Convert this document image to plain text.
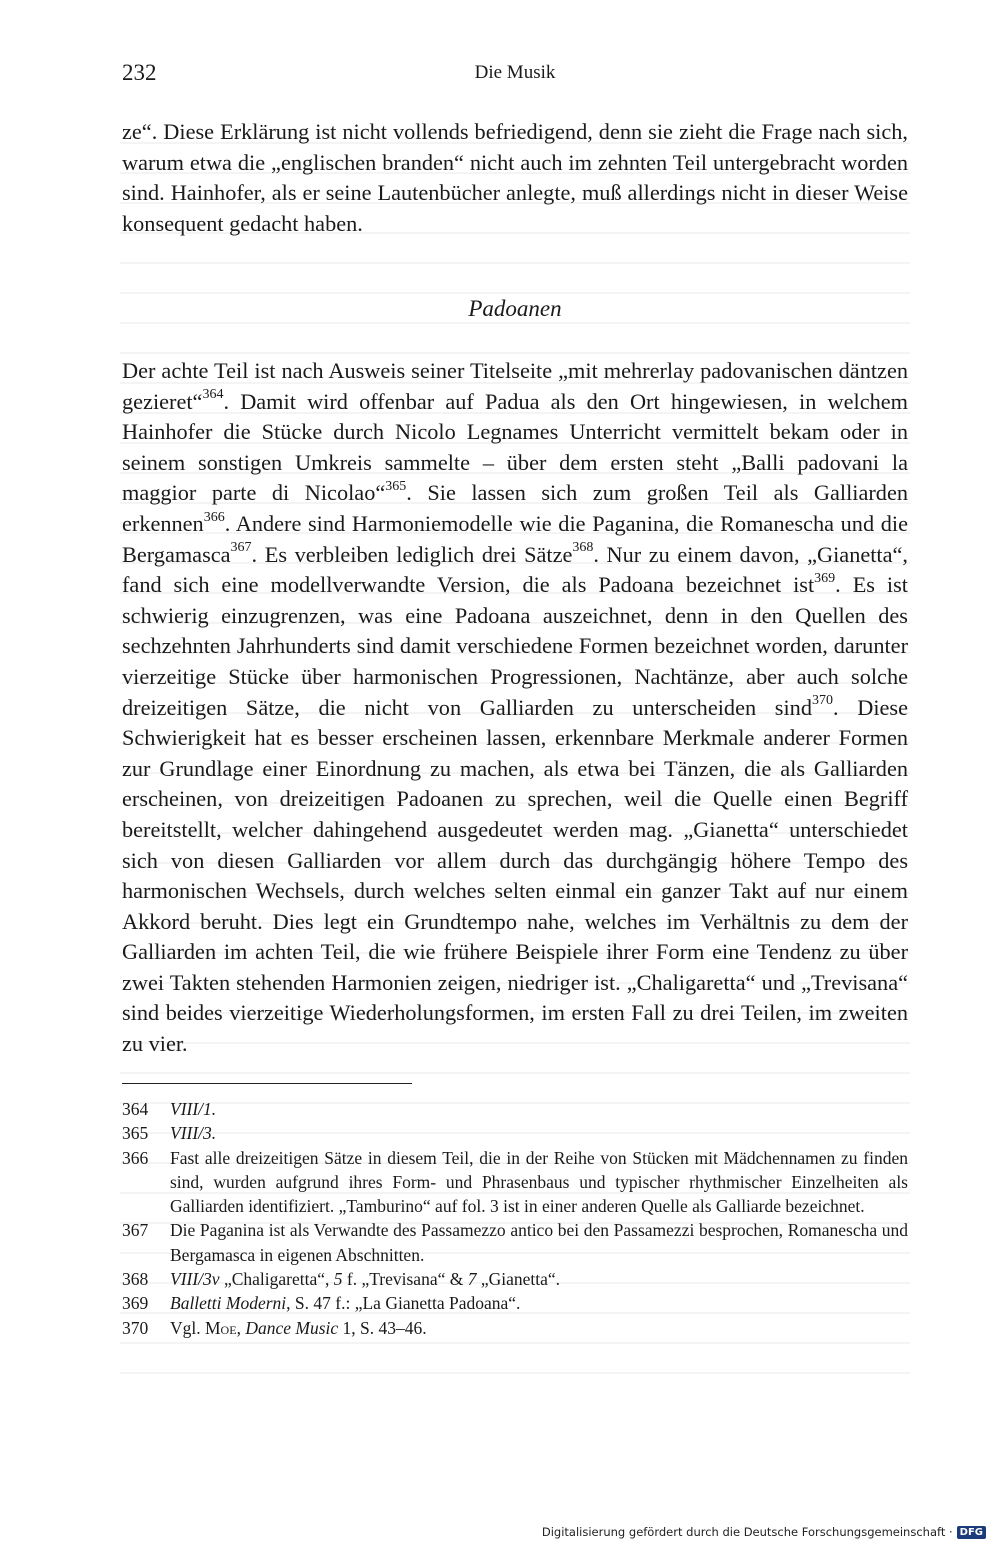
232	Die Musik

ze“. Diese Erklärung ist nicht vollends befriedigend, denn sie zieht die Frage nach sich, warum etwa die „englischen branden“ nicht auch im zehnten Teil untergebracht worden sind. Hainhofer, als er seine Lautenbücher anlegte, muß allerdings nicht in dieser Weise konsequent gedacht haben.

Padoanen

Der achte Teil ist nach Ausweis seiner Titelseite „mit mehrerlay padovanischen däntzen gezieret“$^{364}$. Damit wird offenbar auf Padua als den Ort hingewiesen, in welchem Hainhofer die Stücke durch Nicolo Legnames Unterricht vermittelt bekam oder in seinem sonstigen Umkreis sammelte – über dem ersten steht „Balli padovani la maggior parte di Nicolao“$^{365}$. Sie lassen sich zum großen Teil als Galliarden erkennen$^{366}$. Andere sind Harmoniemodelle wie die Paganina, die Romanescha und die Bergamasca$^{367}$. Es verbleiben lediglich drei Sätze$^{368}$. Nur zu einem davon, „Gianetta“, fand sich eine modellverwandte Version, die als Padoana bezeichnet ist$^{369}$. Es ist schwierig einzugrenzen, was eine Padoana auszeichnet, denn in den Quellen des sechzehnten Jahrhunderts sind damit verschiedene Formen bezeichnet worden, darunter vierzeitige Stücke über harmonischen Progressionen, Nachtänze, aber auch solche dreizeitigen Sätze, die nicht von Galliarden zu unterscheiden sind$^{370}$. Diese Schwierigkeit hat es besser erscheinen lassen, erkennbare Merkmale anderer Formen zur Grundlage einer Einordnung zu machen, als etwa bei Tänzen, die als Galliarden erscheinen, von dreizeitigen Padoanen zu sprechen, weil die Quelle einen Begriff bereitstellt, welcher dahingehend ausgedeutet werden mag. „Gianetta“ unterschiedet sich von diesen Galliarden vor allem durch das durchgängig höhere Tempo des harmonischen Wechsels, durch welches selten einmal ein ganzer Takt auf nur einem Akkord beruht. Dies legt ein Grundtempo nahe, welches im Verhältnis zu dem der Galliarden im achten Teil, die wie frühere Beispiele ihrer Form eine Tendenz zu über zwei Takten stehenden Harmonien zeigen, niedriger ist. „Chaligaretta“ und „Trevisana“ sind beides vierzeitige Wiederholungsformen, im ersten Fall zu drei Teilen, im zweiten zu vier.

364	VIII/1.
365	VIII/3.
366	Fast alle dreizeitigen Sätze in diesem Teil, die in der Reihe von Stücken mit Mädchennamen zu finden sind, wurden aufgrund ihres Form- und Phrasenbaus und typischer rhythmischer Einzelheiten als Galliarden identifiziert. „Tamburino“ auf fol. 3 ist in einer anderen Quelle als Galliarde bezeichnet.
367	Die Paganina ist als Verwandte des Passamezzo antico bei den Passamezzi besprochen, Romanescha und Bergamasca in eigenen Abschnitten.
368	VIII/3v „Chaligaretta“, 5 f. „Trevisana“ & 7 „Gianetta“.
369	Balletti Moderni, S. 47 f.: „La Gianetta Padoana“.
370	Vgl. Moe, Dance Music 1, S. 43–46.
Digitalisierung gefördert durch die Deutsche Forschungsgemeinschaft · DFG
